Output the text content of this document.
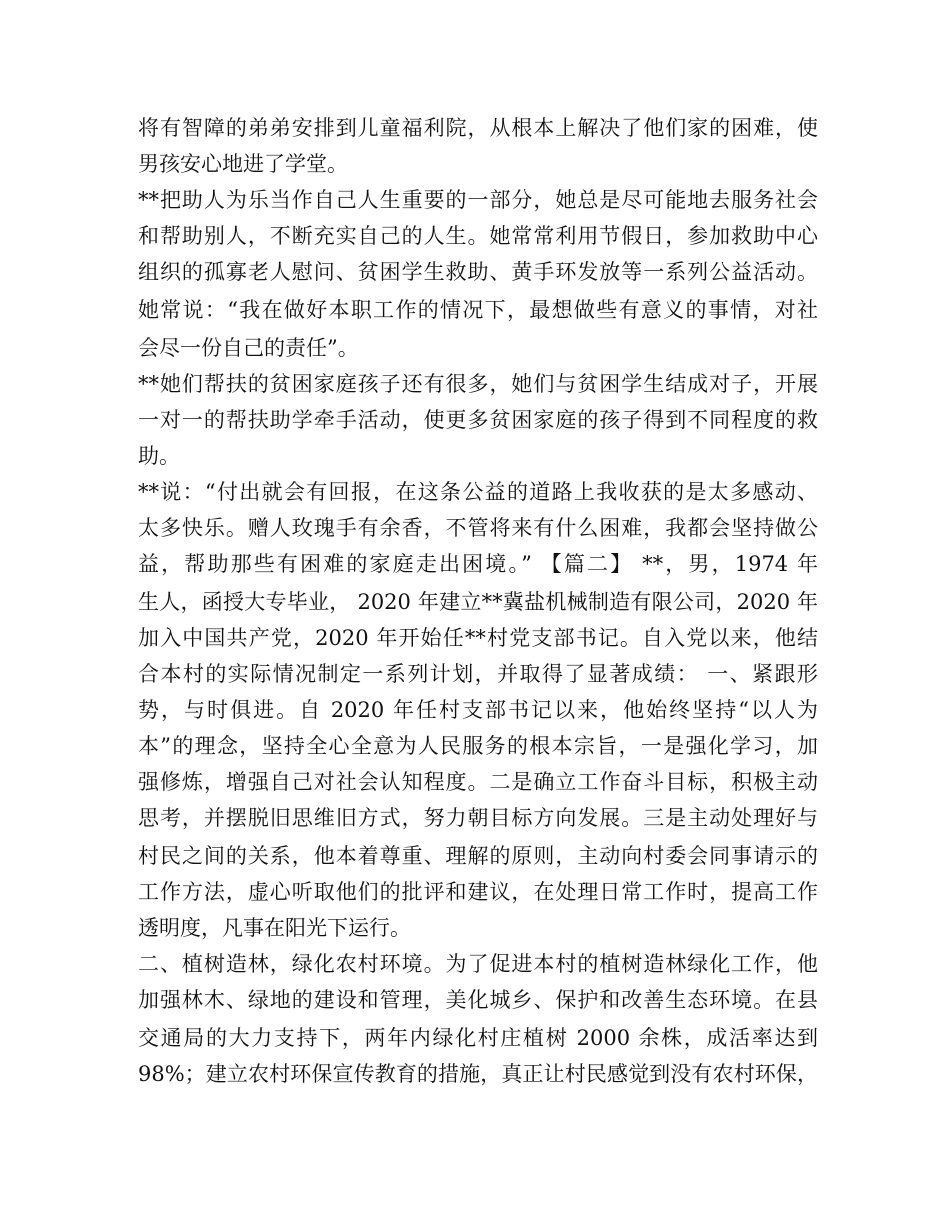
将有智障的弟弟安排到儿童福利院，从根本上解决了他们家的困难，使
男孩安心地进了学堂。
**把助人为乐当作自己人生重要的一部分，她总是尽可能地去服务社会
和帮助别人，不断充实自己的人生。她常常利用节假日，参加救助中心
组织的孤寡老人慰问、贫困学生救助、黄手环发放等一系列公益活动。
她常说：“我在做好本职工作的情况下，最想做些有意义的事情，对社
会尽一份自己的责任”。
**她们帮扶的贫困家庭孩子还有很多，她们与贫困学生结成对子，开展
一对一的帮扶助学牵手活动，使更多贫困家庭的孩子得到不同程度的救
助。
**说：“付出就会有回报，在这条公益的道路上我收获的是太多感动、
太多快乐。赠人玫瑰手有余香，不管将来有什么困难，我都会坚持做公
益，帮助那些有困难的家庭走出困境。” 【篇二】 **，男，1974 年
生人，函授大专毕业， 2020 年建立**冀盐机械制造有限公司，2020 年
加入中国共产党，2020 年开始任**村党支部书记。自入党以来，他结
合本村的实际情况制定一系列计划，并取得了显著成绩： 一、紧跟形
势，与时俱进。自 2020 年任村支部书记以来，他始终坚持“以人为
本”的理念，坚持全心全意为人民服务的根本宗旨，一是强化学习，加
强修炼，增强自己对社会认知程度。二是确立工作奋斗目标，积极主动
思考，并摆脱旧思维旧方式，努力朝目标方向发展。三是主动处理好与
村民之间的关系，他本着尊重、理解的原则，主动向村委会同事请示的
工作方法，虚心听取他们的批评和建议，在处理日常工作时，提高工作
透明度，凡事在阳光下运行。
二、植树造林，绿化农村环境。为了促进本村的植树造林绿化工作，他
加强林木、绿地的建设和管理，美化城乡、保护和改善生态环境。在县
交通局的大力支持下，两年内绿化村庄植树 2000 余株，成活率达到
98%；建立农村环保宣传教育的措施，真正让村民感觉到没有农村环保，
